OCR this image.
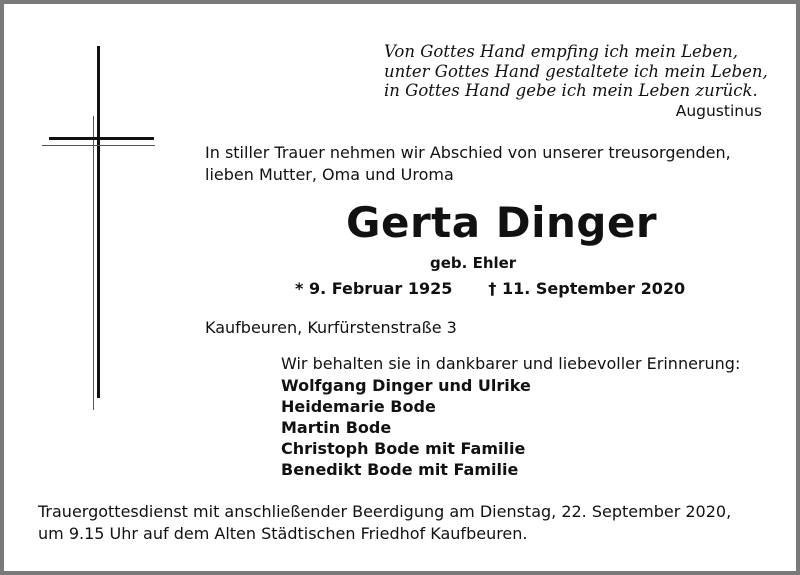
Von Gottes Hand empfing ich mein Leben,
unter Gottes Hand gestaltete ich mein Leben,
in Gottes Hand gebe ich mein Leben zurück.

Augustinus

In stiller Trauer nehmen wir Abschied von unserer treusorgenden,
lieben Mutter, Oma und Uroma

Gerta Dinger
geb. Ehler
* 9. Februar 1925 † 11. September 2020
Kaufbeuren, Kurfürstenstraße 3
Wir behalten sie in dankbarer und liebevoller Erinnerung:
Wolfgang Dinger und Ulrike
Heidemarie Bode
Martin Bode
Christoph Bode mit Familie
Benedikt Bode mit Familie

Trauergottesdienst mit anschließender Beerdigung am Dienstag, 22. September 2020,
um 9.15 Uhr auf dem Alten Städtischen Friedhof Kaufbeuren.
